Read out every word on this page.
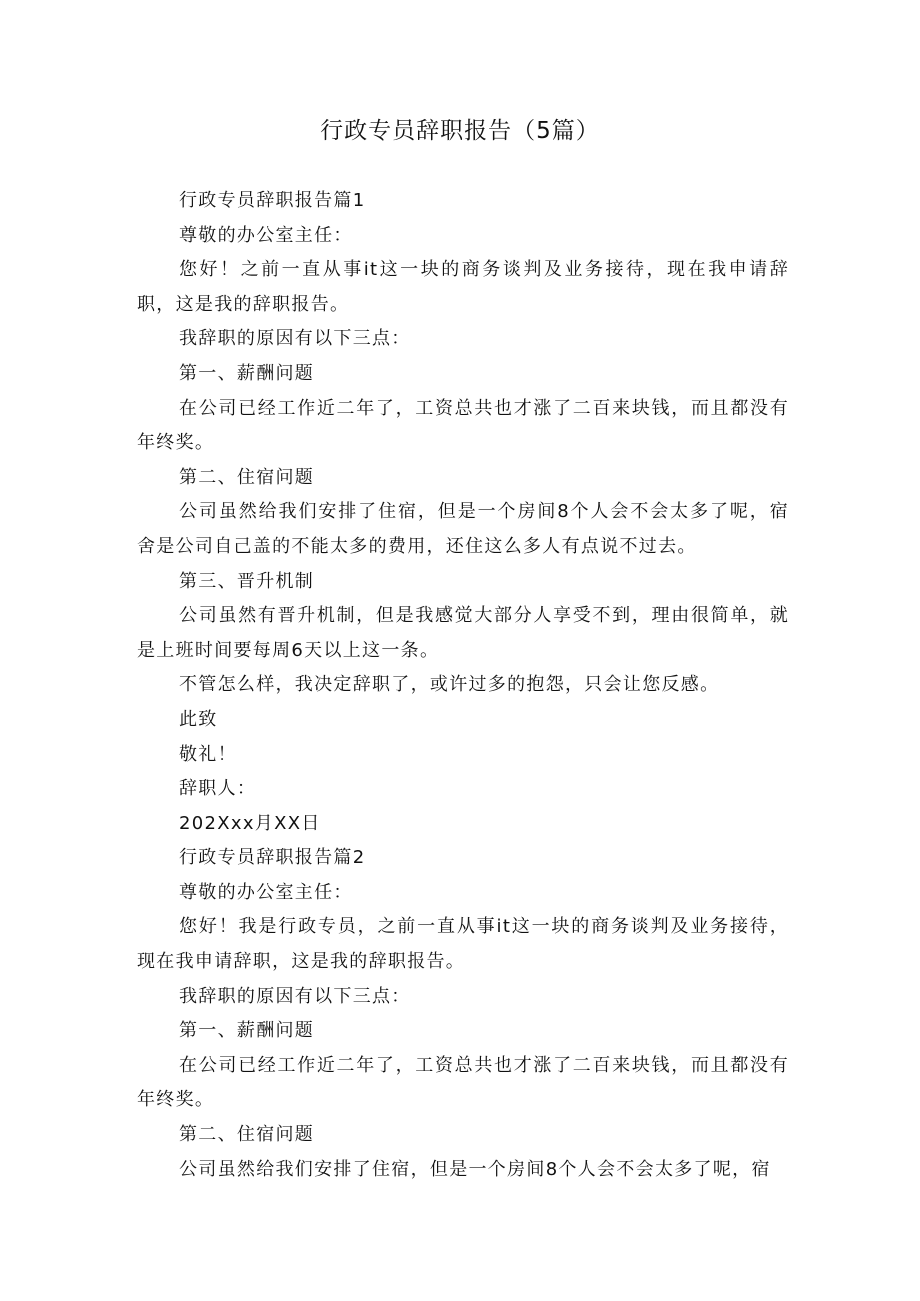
行政专员辞职报告（5篇）

行政专员辞职报告篇1

尊敬的办公室主任：

您好！之前一直从事it这一块的商务谈判及业务接待，现在我申请辞职，这是我的辞职报告。

我辞职的原因有以下三点：

第一、薪酬问题

在公司已经工作近二年了，工资总共也才涨了二百来块钱，而且都没有年终奖。

第二、住宿问题

公司虽然给我们安排了住宿，但是一个房间8个人会不会太多了呢，宿舍是公司自己盖的不能太多的费用，还住这么多人有点说不过去。

第三、晋升机制

公司虽然有晋升机制，但是我感觉大部分人享受不到，理由很简单，就是上班时间要每周6天以上这一条。

不管怎么样，我决定辞职了，或许过多的抱怨，只会让您反感。

此致

敬礼！

辞职人：

202Xxx月XX日

行政专员辞职报告篇2

尊敬的办公室主任：

您好！我是行政专员，之前一直从事it这一块的商务谈判及业务接待，现在我申请辞职，这是我的辞职报告。

我辞职的原因有以下三点：

第一、薪酬问题

在公司已经工作近二年了，工资总共也才涨了二百来块钱，而且都没有年终奖。

第二、住宿问题

公司虽然给我们安排了住宿，但是一个房间8个人会不会太多了呢，宿
